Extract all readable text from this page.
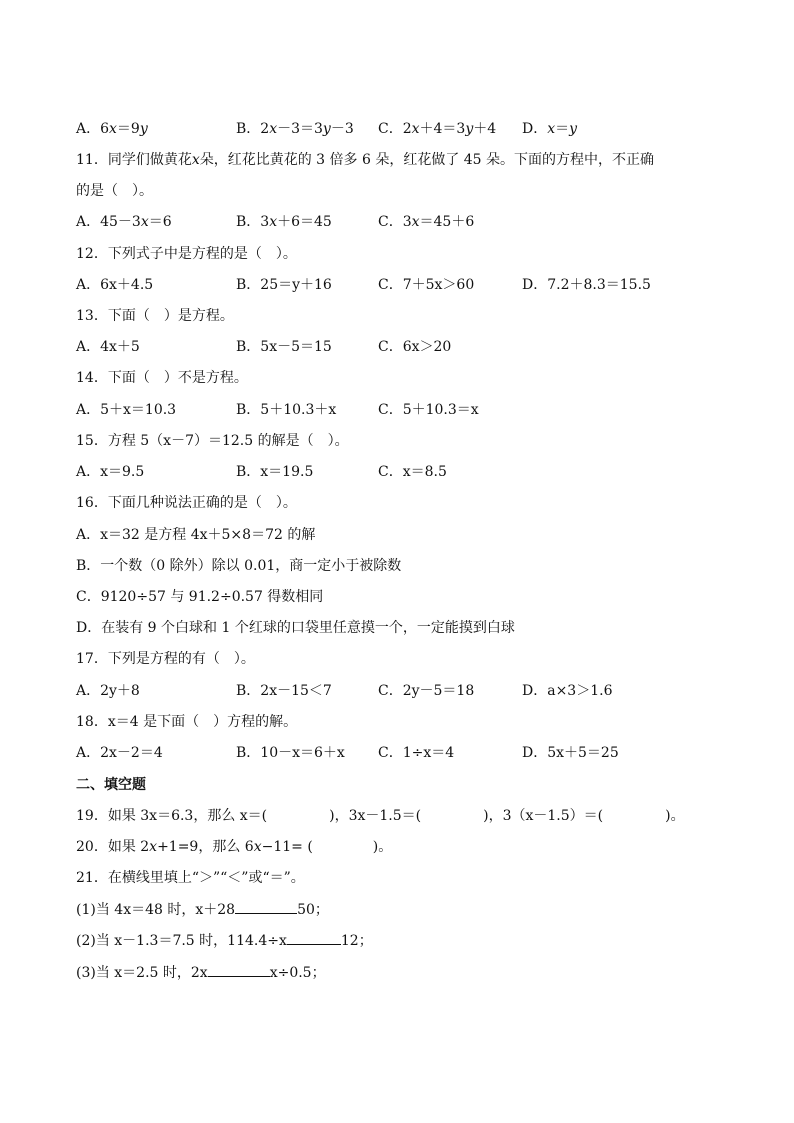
A．6𝑥＝9𝑦	B．2𝑥－3＝3𝑦－3 C．2𝑥＋4＝3𝑦＋4 D．𝑥＝𝑦
11．同学们做黄花𝑥朵，红花比黄花的 3 倍多 6 朵，红花做了 45 朵。下面的方程中，不正确
的是（　）。
A．45－3𝑥＝6	B．3𝑥＋6＝45	C．3𝑥＝45＋6
12．下列式子中是方程的是（　）。
A．6x＋4.5	B．25＝y＋16	C．7＋5x＞60	D．7.2＋8.3＝15.5
13．下面（　）是方程。
A．4x＋5	B．5x－5＝15	C．6x＞20
14．下面（　）不是方程。
A．5＋x＝10.3	B．5＋10.3＋x	C．5＋10.3＝x
15．方程 5（x－7）＝12.5 的解是（　）。
A．x＝9.5	B．x＝19.5	C．x＝8.5
16．下面几种说法正确的是（　）。
A．x＝32 是方程 4x＋5×8＝72 的解
B．一个数（0 除外）除以 0.01，商一定小于被除数
C．9120÷57 与 91.2÷0.57 得数相同
D．在装有 9 个白球和 1 个红球的口袋里任意摸一个，一定能摸到白球
17．下列是方程的有（　）。
A．2y＋8	B．2x－15＜7	C．2y－5＝18	D．a×3＞1.6
18．x＝4 是下面（　）方程的解。
A．2x－2＝4	B．10－x＝6＋x C．1÷x＝4	D．5x＋5＝25
二、填空题
19．如果 3x＝6.3，那么 x＝(	)，3x－1.5＝(	)，3（x－1.5）＝(	)。
20．如果 2𝑥+1=9，那么 6𝑥−11= (	)。
21．在横线里填上“＞”“＜”或“＝”。
(1)当 4x＝48 时，x＋28	50；
(2)当 x－1.3＝7.5 时，114.4÷x	12；
(3)当 x＝2.5 时，2x	x÷0.5；
